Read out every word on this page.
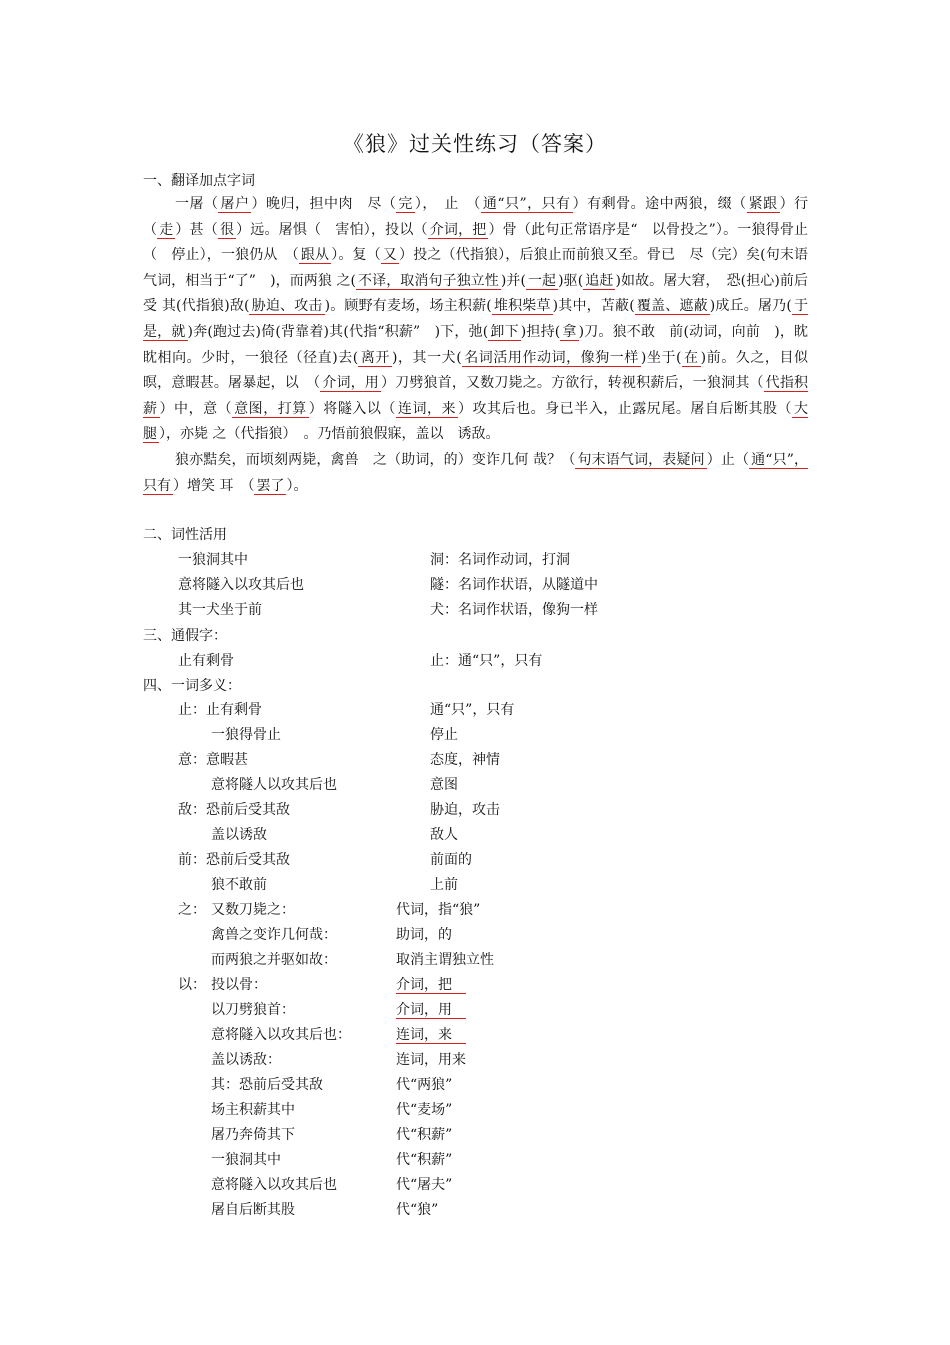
《狼》过关性练习（答案）
一、翻译加点字词

一屠（ 屠户 ）晚归，担中肉　尽（ 完 ），　止　（ 通“只”，只有 ）有剩骨。途中两狼，缀（ 紧跟 ）行（ 走 ）甚（ 很 ）远。屠惧（　害怕），投以（ 介词，把 ）骨（此句正常语序是“　以骨投之”）。一狼得骨止（　停止），一狼仍从　（ 跟从 ）。复（ 又 ）投之（代指狼），后狼止而前狼又至。骨已　尽（完）矣(句末语气词，相当于“了”　)，而两狼 之( 不译，取消句子独立性 )并( 一起 )驱( 追赶 )如故。屠大窘，　恐(担心)前后受 其(代指狼)敌( 胁迫、攻击 )。顾野有麦场，场主积薪( 堆积柴草 )其中，苫蔽( 覆盖、遮蔽 )成丘。屠乃( 于是，就 )奔(跑过去)倚(背靠着)其(代指“积薪”　)下，弛( 卸下 )担持( 拿 )刀。狼不敢　前(动词，向前　)，眈眈相向。少时，一狼径（径直)去( 离开 )，其一犬( 名词活用作动词，像狗一样 )坐于( 在 )前。久之，目似暝，意暇甚。屠暴起，以　（ 介词，用 ）刀劈狼首，又数刀毙之。方欲行，转视积薪后，一狼洞其（ 代指积薪 ）中，意（ 意图，打算 ）将隧入以（ 连词，来 ）攻其后也。身已半入，止露尻尾。屠自后断其股（ 大腿 ），亦毙 之（代指狼）　。乃悟前狼假寐，盖以　诱敌。

狼亦黠矣，而顷刻两毙，禽兽　之（助词，的）变诈几何 哉？（ 句末语气词，表疑问 ）止（ 通“只”，只有 ）增笑 耳　（ 罢了 ）。

二、词性活用
一狼洞其中	洞：名词作动词，打洞
意将隧入以攻其后也	隧：名词作状语，从隧道中
其一犬坐于前	犬：名词作状语，像狗一样
三、通假字：
止有剩骨	止：通“只”，只有
四、一词多义：
止： 止有剩骨	通“只”，只有
一狼得骨止	停止
意： 意暇甚	态度，神情
意将隧人以攻其后也	意图
敌： 恐前后受其敌	胁迫，攻击
盖以诱敌	敌人
前： 恐前后受其敌	前面的
狼不敢前	上前
之： 又数刀毙之：	代词，指“狼”
禽兽之变诈几何哉：	助词，的
而两狼之并驱如故：	取消主谓独立性
以： 投以骨：	介词，把
以刀劈狼首：	介词，用
意将隧入以攻其后也：	连词，来
盖以诱敌：	连词，用来
其：恐前后受其敌	代“两狼”
场主积薪其中	代“麦场”
屠乃奔倚其下	代“积薪”
一狼洞其中	代“积薪”
意将隧入以攻其后也	代“屠夫”
屠自后断其股	代“狼”
